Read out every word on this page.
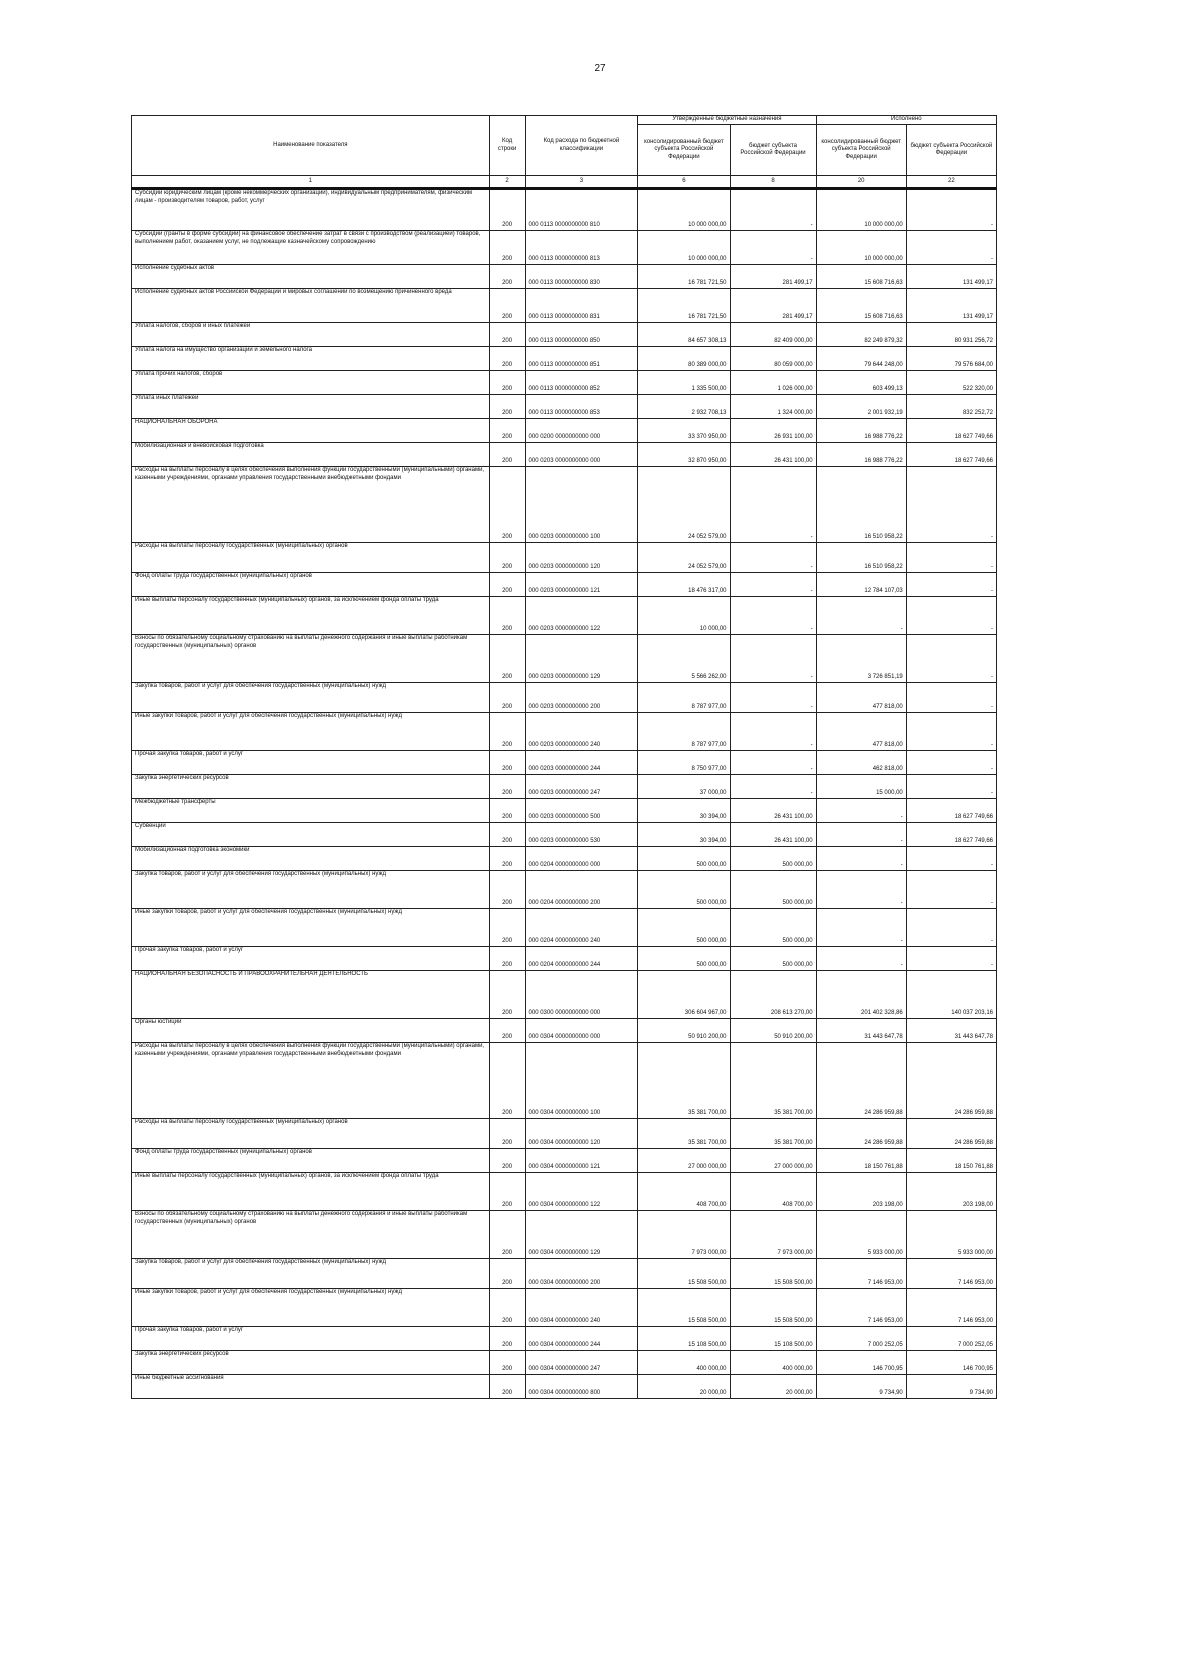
27
Наименование показателя	Код строки	Код расхода по бюджетной классификации	Утвержденные бюджетные назначения		Исполнено	
			консолидированный бюджет субъекта Российской Федерации	бюджет субъекта Российской Федерации	консолидированный бюджет субъекта Российской Федерации	бюджет субъекта Российской Федерации
1	2	3	6	8	20	22
Субсидии юридическим лицам (кроме некоммерческих организаций), индивидуальным предпринимателям, физическим лицам - производителям товаров, работ, услуг	200	000 0113 0000000000 810	10 000 000,00	-	10 000 000,00	-
Субсидии (гранты в форме субсидий) на финансовое обеспечение затрат в связи с производством (реализацией) товаров, выполнением работ, оказанием услуг, не подлежащие казначейскому сопровождению	200	000 0113 0000000000 813	10 000 000,00	-	10 000 000,00	-
Исполнение судебных актов	200	000 0113 0000000000 830	16 781 721,50	281 499,17	15 608 716,63	131 499,17
Исполнение судебных актов Российской Федерации и мировых соглашений по возмещению причиненного вреда	200	000 0113 0000000000 831	16 781 721,50	281 499,17	15 608 716,63	131 499,17
Уплата налогов, сборов и иных платежей	200	000 0113 0000000000 850	84 657 308,13	82 409 000,00	82 249 879,32	80 931 256,72
Уплата налога на имущество организаций и земельного налога	200	000 0113 0000000000 851	80 389 000,00	80 059 000,00	79 644 248,00	79 576 684,00
Уплата прочих налогов, сборов	200	000 0113 0000000000 852	1 335 500,00	1 026 000,00	603 499,13	522 320,00
Уплата иных платежей	200	000 0113 0000000000 853	2 932 708,13	1 324 000,00	2 001 932,19	832 252,72
НАЦИОНАЛЬНАЯ ОБОРОНА	200	000 0200 0000000000 000	33 370 950,00	26 931 100,00	16 988 776,22	18 627 749,66
Мобилизационная и вневойсковая подготовка	200	000 0203 0000000000 000	32 870 950,00	26 431 100,00	16 988 776,22	18 627 749,66
Расходы на выплаты персоналу в целях обеспечения выполнения функций государственными (муниципальными) органами, казенными учреждениями, органами управления государственными внебюджетными фондами	200	000 0203 0000000000 100	24 052 579,00	-	16 510 958,22	-
Расходы на выплаты персоналу государственных (муниципальных) органов	200	000 0203 0000000000 120	24 052 579,00	-	16 510 958,22	-
Фонд оплаты труда государственных (муниципальных) органов	200	000 0203 0000000000 121	18 476 317,00	-	12 784 107,03	-
Иные выплаты персоналу государственных (муниципальных) органов, за исключением фонда оплаты труда	200	000 0203 0000000000 122	10 000,00	-	-	-
Взносы по обязательному социальному страхованию на выплаты денежного содержания и иные выплаты работникам государственных (муниципальных) органов	200	000 0203 0000000000 129	5 566 262,00	-	3 726 851,19	-
Закупка товаров, работ и услуг для обеспечения государственных (муниципальных) нужд	200	000 0203 0000000000 200	8 787 977,00	-	477 818,00	-
Иные закупки товаров, работ и услуг для обеспечения государственных (муниципальных) нужд	200	000 0203 0000000000 240	8 787 977,00	-	477 818,00	-
Прочая закупка товаров, работ и услуг	200	000 0203 0000000000 244	8 750 977,00	-	462 818,00	-
Закупка энергетических ресурсов	200	000 0203 0000000000 247	37 000,00	-	15 000,00	-
Межбюджетные трансферты	200	000 0203 0000000000 500	30 394,00	26 431 100,00	-	18 627 749,66
Субвенции	200	000 0203 0000000000 530	30 394,00	26 431 100,00	-	18 627 749,66
Мобилизационная подготовка экономики	200	000 0204 0000000000 000	500 000,00	500 000,00	-	-
Закупка товаров, работ и услуг для обеспечения государственных (муниципальных) нужд	200	000 0204 0000000000 200	500 000,00	500 000,00	-	-
Иные закупки товаров, работ и услуг для обеспечения государственных (муниципальных) нужд	200	000 0204 0000000000 240	500 000,00	500 000,00	-	-
Прочая закупка товаров, работ и услуг	200	000 0204 0000000000 244	500 000,00	500 000,00	-	-
НАЦИОНАЛЬНАЯ БЕЗОПАСНОСТЬ И ПРАВООХРАНИТЕЛЬНАЯ ДЕЯТЕЛЬНОСТЬ	200	000 0300 0000000000 000	306 604 967,00	208 613 270,00	201 402 328,86	140 037 203,16
Органы юстиции	200	000 0304 0000000000 000	50 910 200,00	50 910 200,00	31 443 647,78	31 443 647,78
Расходы на выплаты персоналу в целях обеспечения выполнения функций государственными (муниципальными) органами, казенными учреждениями, органами управления государственными внебюджетными фондами	200	000 0304 0000000000 100	35 381 700,00	35 381 700,00	24 286 959,88	24 286 959,88
Расходы на выплаты персоналу государственных (муниципальных) органов	200	000 0304 0000000000 120	35 381 700,00	35 381 700,00	24 286 959,88	24 286 959,88
Фонд оплаты труда государственных (муниципальных) органов	200	000 0304 0000000000 121	27 000 000,00	27 000 000,00	18 150 761,88	18 150 761,88
Иные выплаты персоналу государственных (муниципальных) органов, за исключением фонда оплаты труда	200	000 0304 0000000000 122	408 700,00	408 700,00	203 198,00	203 198,00
Взносы по обязательному социальному страхованию на выплаты денежного содержания и иные выплаты работникам государственных (муниципальных) органов	200	000 0304 0000000000 129	7 973 000,00	7 973 000,00	5 933 000,00	5 933 000,00
Закупка товаров, работ и услуг для обеспечения государственных (муниципальных) нужд	200	000 0304 0000000000 200	15 508 500,00	15 508 500,00	7 146 953,00	7 146 953,00
Иные закупки товаров, работ и услуг для обеспечения государственных (муниципальных) нужд	200	000 0304 0000000000 240	15 508 500,00	15 508 500,00	7 146 953,00	7 146 953,00
Прочая закупка товаров, работ и услуг	200	000 0304 0000000000 244	15 108 500,00	15 108 500,00	7 000 252,05	7 000 252,05
Закупка энергетических ресурсов	200	000 0304 0000000000 247	400 000,00	400 000,00	146 700,95	146 700,95
Иные бюджетные ассигнования	200	000 0304 0000000000 800	20 000,00	20 000,00	9 734,90	9 734,90
